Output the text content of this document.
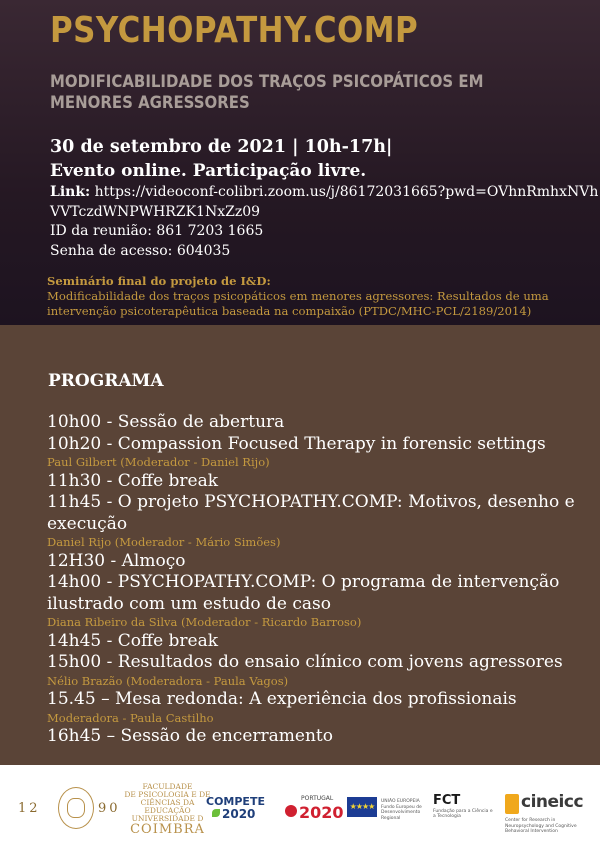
PSYCHOPATHY.COMP
MODIFICABILIDADE DOS TRAÇOS PSICOPÁTICOS EM MENORES AGRESSORES
30 de setembro de 2021 | 10h-17h|
Evento online. Participação livre.
Link: https://videoconf-colibri.zoom.us/j/86172031665?pwd=OVhnRmhxNVhVVTczdWNPWHRZK1NxZz09
ID da reunião: 861 7203 1665
Senha de acesso: 604035
Seminário final do projeto de I&D:
Modificabilidade dos traços psicopáticos em menores agressores: Resultados de uma intervenção psicoterapêutica baseada na compaixão (PTDC/MHC-PCL/2189/2014)
PROGRAMA
10h00 - Sessão de abertura
10h20 - Compassion Focused Therapy in forensic settings
Paul Gilbert (Moderador - Daniel Rijo)
11h30 - Coffe break
11h45 - O projeto PSYCHOPATHY.COMP: Motivos, desenho e execução
Daniel Rijo (Moderador - Mário Simões)
12H30 - Almoço
14h00 - PSYCHOPATHY.COMP: O programa de intervenção ilustrado com um estudo de caso
Diana Ribeiro da Silva (Moderador - Ricardo Barroso)
14h45 - Coffe break
15h00 - Resultados do ensaio clínico com jovens agressores
Nélio Brazão (Moderadora - Paula Vagos)
15.45 – Mesa redonda: A experiência dos profissionais
Moderadora - Paula Castilho
16h45 – Sessão de encerramento
12	90
FACULDADE
DE PSICOLOGIA E DE
CIÊNCIAS DA EDUCAÇÃO
UNIVERSIDADE D
COIMBRA
COMPETE
2020
PORTUGAL
2020 ★★★★
UNIÃO EUROPEIA Fundo Europeu de Desenvolvimento Regional
FCT
Fundação para a Ciência e a Tecnologia
cineicc
Center for Research in Neuropsychology and Cognitive Behavioral Intervention
